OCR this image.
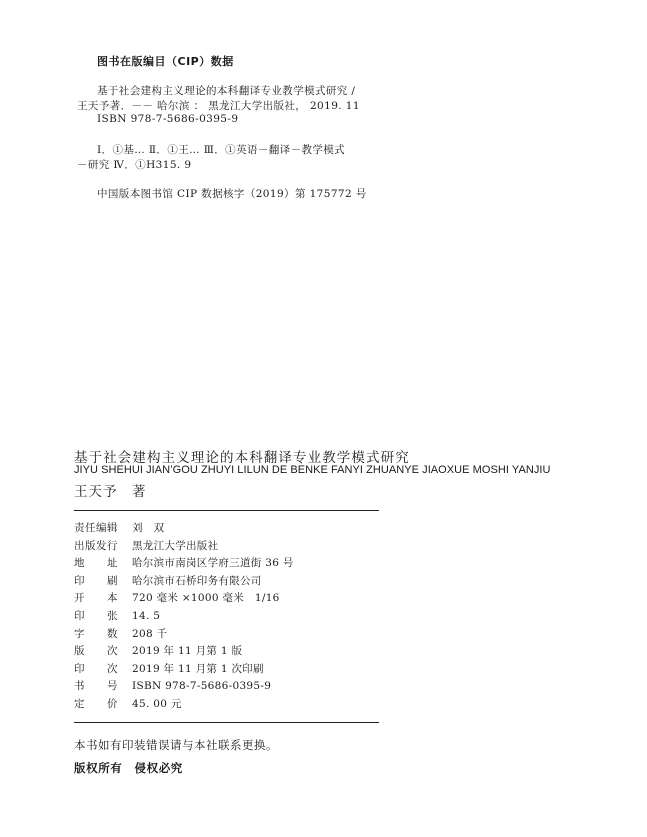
图书在版编目（CIP）数据
基于社会建构主义理论的本科翻译专业教学模式研究 /
王天予著．－－ 哈尔滨 ： 黑龙江大学出版社， 2019. 11
ISBN 978-7-5686-0395-9
Ⅰ．①基… Ⅱ．①王… Ⅲ．①英语－翻译－教学模式
－研究 Ⅳ．①H315. 9
中国版本图书馆 CIP 数据核字（2019）第 175772 号
基于社会建构主义理论的本科翻译专业教学模式研究
JIYU SHEHUI JIAN’GOU ZHUYI LILUN DE BENKE FANYI ZHUANYE JIAOXUE MOSHI YANJIU
王天予　著
责任编辑	刘　双
出版发行	黑龙江大学出版社
地　　址	哈尔滨市南岗区学府三道街 36 号
印　　刷	哈尔滨市石桥印务有限公司
开　　本	720 毫米 ×1000 毫米　1/16
印　　张	14. 5
字　　数	208 千
版　　次	2019 年 11 月第 1 版
印　　次	2019 年 11 月第 1 次印刷
书　　号	ISBN 978-7-5686-0395-9
定　　价	45. 00 元
本书如有印装错误请与本社联系更换。
版权所有　侵权必究
